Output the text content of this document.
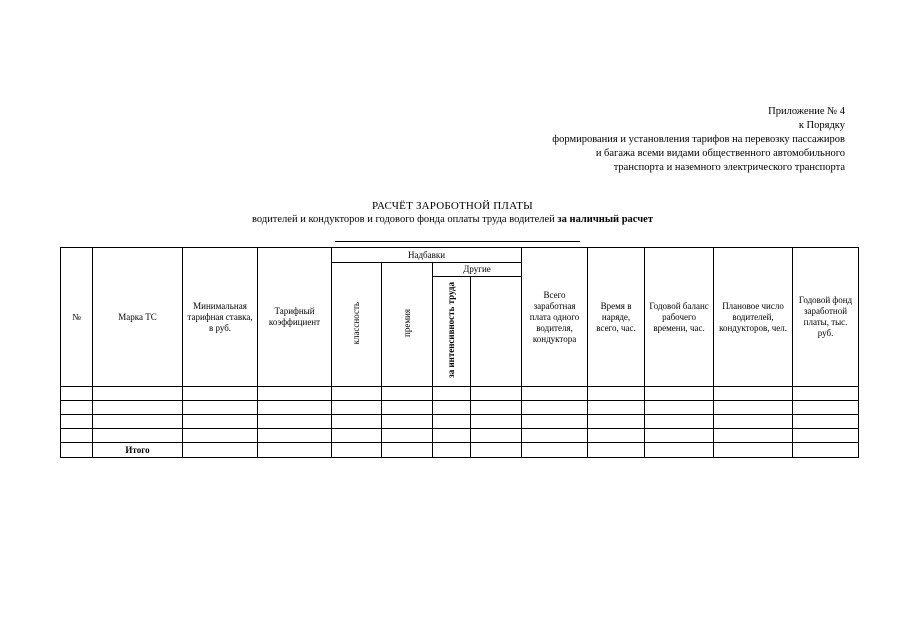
Приложение № 4
к Порядку
формирования и установления тарифов на перевозку пассажиров
и багажа всеми видами общественного автомобильного
транспорта и наземного электрического транспорта
РАСЧЁТ ЗАРОБОТНОЙ ПЛАТЫ
водителей и кондукторов и годового фонда оплаты труда водителей за наличный расчет
№	Марка ТС	Минимальная тарифная ставка, в руб.	Тарифный коэффициент	Надбавки				Всего заработная плата одного водителя, кондуктора	Время в наряде, всего, час.	Годовой баланс рабочего времени, час.	Плановое число водителей, кондукторов, чел.	Годовой фонд заработной платы, тыс. руб.
				классность	премия	Другие						
						за интенсивность труда						

	Итого											
